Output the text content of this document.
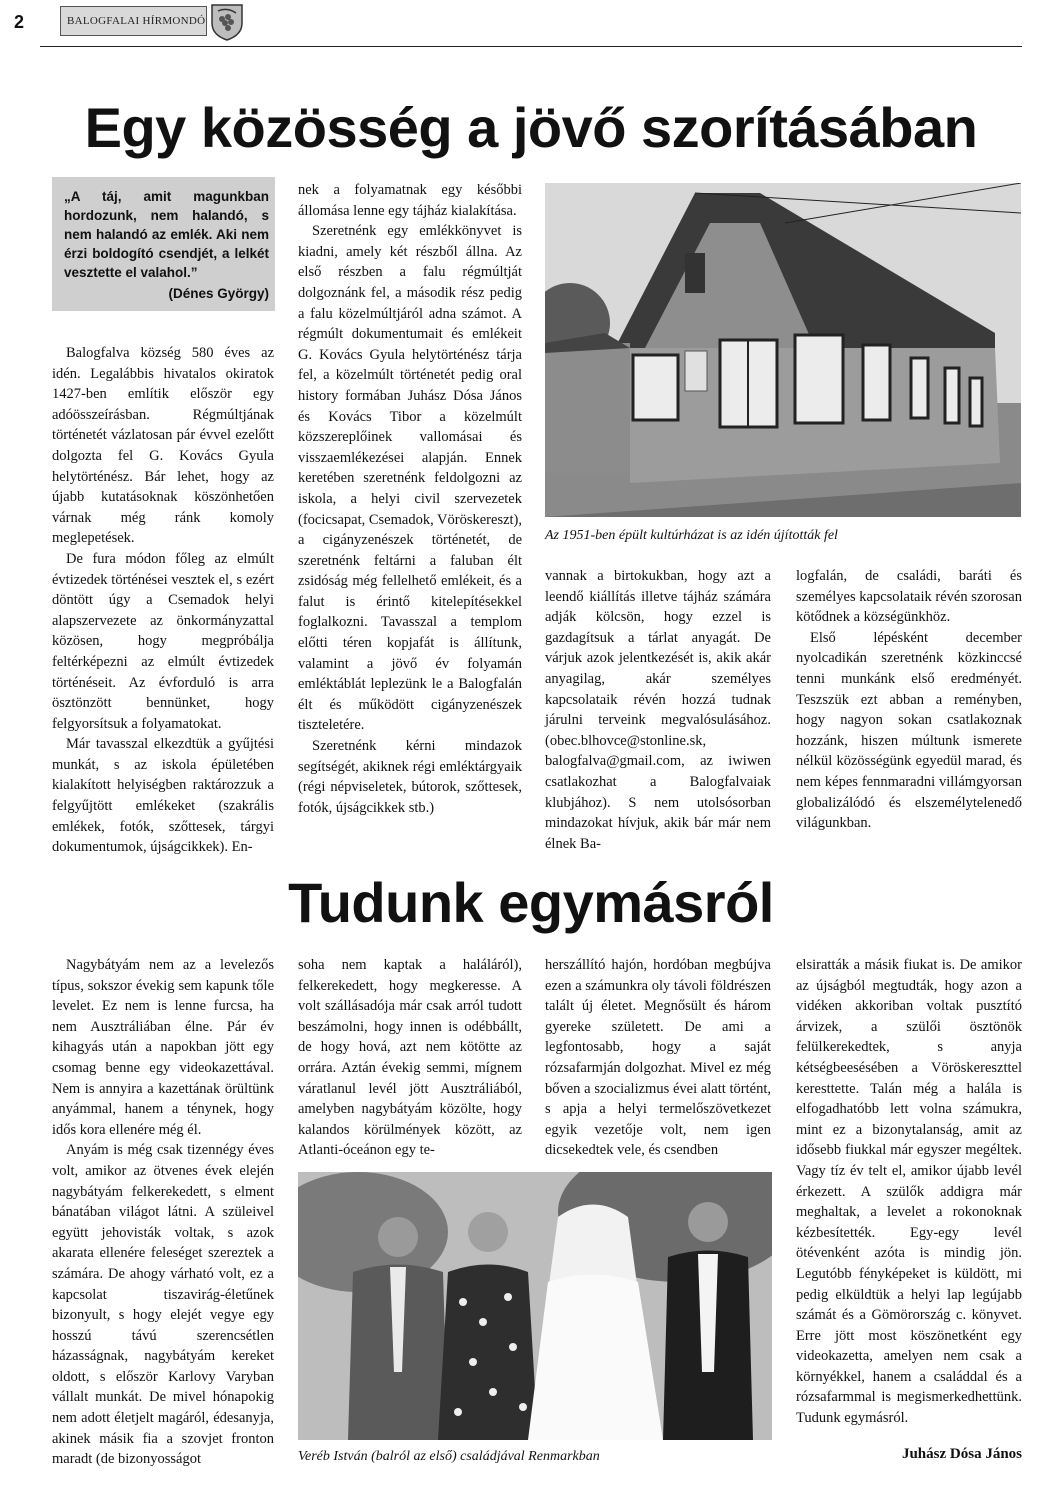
2	BALOGFALAI HÍRMONDÓ
Egy közösség a jövő szorításában
„A táj, amit magunkban hordozunk, nem halandó, s nem halandó az emlék. Aki nem érzi boldogító csendjét, a lelkét vesztette el valahol.”
(Dénes György)

Balogfalva község 580 éves az idén. Legalábbis hivatalos okiratok 1427-ben említik először egy adóösszeírásban. Régmúltjának történetét vázlatosan pár évvel ezelőtt dolgozta fel G. Kovács Gyula helytörténész. Bár lehet, hogy az újabb kutatásoknak köszönhetően várnak még ránk komoly meglepetések.

De fura módon főleg az elmúlt évtizedek történései vesztek el, s ezért döntött úgy a Csemadok helyi alapszervezete az önkormányzattal közösen, hogy megpróbálja feltérképezni az elmúlt évtizedek történéseit. Az évforduló is arra ösztönzött bennünket, hogy felgyorsítsuk a folyamatokat.

Már tavasszal elkezdtük a gyűjtési munkát, s az iskola épületében kialakított helyiségben raktározzuk a felgyűjtött emlékeket (szakrális emlékek, fotók, szőttesek, tárgyi dokumentumok, újságcikkek). En-

nek a folyamatnak egy későbbi állomása lenne egy tájház kialakítása.

Szeretnénk egy emlékkönyvet is kiadni, amely két részből állna. Az első részben a falu régmúltját dolgoznánk fel, a második rész pedig a falu közelmúltjáról adna számot. A régmúlt dokumentumait és emlékeit G. Kovács Gyula helytörténész tárja fel, a közelmúlt történetét pedig oral history formában Juhász Dósa János és Kovács Tibor a közelmúlt közszereplőinek vallomásai és visszaemlékezései alapján. Ennek keretében szeretnénk feldolgozni az iskola, a helyi civil szervezetek (focicsapat, Csemadok, Vöröskereszt), a cigányzenészek történetét, de szeretnénk feltárni a faluban élt zsidóság még fellelhető emlékeit, és a falut is érintő kitelepítésekkel foglalkozni. Tavasszal a templom előtti téren kopjafát is állítunk, valamint a jövő év folyamán emléktáblát leplezünk le a Balogfalán élt és működött cigányzenészek tiszteletére.

Szeretnénk kérni mindazok segítségét, akiknek régi emléktárgyaik (régi népviseletek, bútorok, szőttesek, fotók, újságcikkek stb.)

Az 1951-ben épült kultúrházat is az idén újították fel

vannak a birtokukban, hogy azt a leendő kiállítás illetve tájház számára adják kölcsön, hogy ezzel is gazdagítsuk a tárlat anyagát. De várjuk azok jelentkezését is, akik akár anyagilag, akár személyes kapcsolataik révén hozzá tudnak járulni terveink megvalósulásához. (obec.blhovce@stonline.sk, balogfalva@gmail.com, az iwiwen csatlakozhat a Balogfalvaiak klubjához). S nem utolsósorban mindazokat hívjuk, akik bár már nem élnek Ba-

logfalán, de családi, baráti és személyes kapcsolataik révén szorosan kötődnek a községünkhöz.

Első lépésként december nyolcadikán szeretnénk közkinccsé tenni munkánk első eredményét. Teszszük ezt abban a reményben, hogy nagyon sokan csatlakoznak hozzánk, hiszen múltunk ismerete nélkül közösségünk egyedül marad, és nem képes fennmaradni villámgyorsan globalizálódó és elszemélytelenedő világunkban.

Tudunk egymásról

Nagybátyám nem az a levelezős típus, sokszor évekig sem kapunk tőle levelet. Ez nem is lenne furcsa, ha nem Ausztráliában élne. Pár év kihagyás után a napokban jött egy csomag benne egy videokazettával. Nem is annyira a kazettának örültünk anyámmal, hanem a ténynek, hogy idős kora ellenére még él.

Anyám is még csak tizennégy éves volt, amikor az ötvenes évek elején nagybátyám felkerekedett, s elment bánatában világot látni. A szüleivel együtt jehovisták voltak, s azok akarata ellenére feleséget szereztek a számára. De ahogy várható volt, ez a kapcsolat tiszavirág-életűnek bizonyult, s hogy elejét vegye egy hosszú távú szerencsétlen házasságnak, nagybátyám kereket oldott, s először Karlovy Varyban vállalt munkát. De mivel hónapokig nem adott életjelt magáról, édesanyja, akinek másik fia a szovjet fronton maradt (de bizonyosságot

soha nem kaptak a haláláról), felkerekedett, hogy megkeresse. A volt szállásadója már csak arról tudott beszámolni, hogy innen is odébbállt, de hogy hová, azt nem kötötte az orrára. Aztán évekig semmi, mígnem váratlanul levél jött Ausztráliából, amelyben nagybátyám közölte, hogy kalandos körülmények között, az Atlanti-óceánon egy te-

herszállító hajón, hordóban megbújva ezen a számunkra oly távoli földrészen talált új életet. Megnősült és három gyereke született. De ami a legfontosabb, hogy a saját rózsafarmján dolgozhat. Mivel ez még bőven a szocializmus évei alatt történt, s apja a helyi termelőszövetkezet egyik vezetője volt, nem igen dicsekedtek vele, és csendben

Veréb István (balról az első) családjával Renmarkban

elsiratták a másik fiukat is. De amikor az újságból megtudták, hogy azon a vidéken akkoriban voltak pusztító árvizek, a szülői ösztönök felülkerekedtek, s anyja kétségbeesésében a Vöröskereszttel keresttette. Talán még a halála is elfogadhatóbb lett volna számukra, mint ez a bizonytalanság, amit az idősebb fiukkal már egyszer megéltek. Vagy tíz év telt el, amikor újabb levél érkezett. A szülők addigra már meghaltak, a levelet a rokonoknak kézbesítették. Egy-egy levél ötévenként azóta is mindig jön. Legutóbb fényképeket is küldött, mi pedig elküldtük a helyi lap legújabb számát és a Gömörország c. könyvet. Erre jött most köszönetként egy videokazetta, amelyen nem csak a környékkel, hanem a családdal és a rózsafarmmal is megismerkedhettünk. Tudunk egymásról.

Juhász Dósa János
